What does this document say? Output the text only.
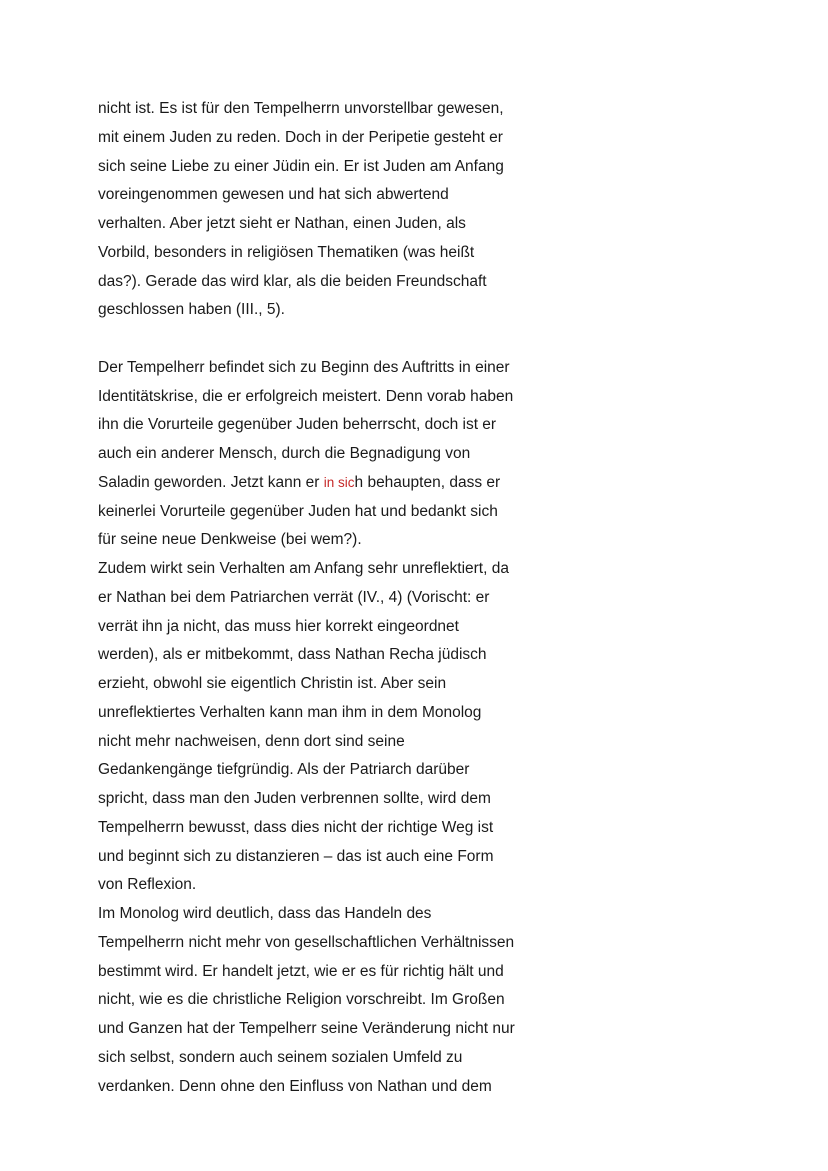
nicht ist. Es ist für den Tempelherrn unvorstellbar gewesen,
mit einem Juden zu reden. Doch in der Peripetie gesteht er
sich seine Liebe zu einer Jüdin ein. Er ist Juden am Anfang
voreingenommen gewesen und hat sich abwertend
verhalten. Aber jetzt sieht er Nathan, einen Juden, als
Vorbild, besonders in religiösen Thematiken (was heißt
das?). Gerade das wird klar, als die beiden Freundschaft
geschlossen haben (III., 5).
Der Tempelherr befindet sich zu Beginn des Auftritts in einer
Identitätskrise, die er erfolgreich meistert. Denn vorab haben
ihn die Vorurteile gegenüber Juden beherrscht, doch ist er
auch ein anderer Mensch, durch die Begnadigung von
Saladin geworden. Jetzt kann er in sich behaupten, dass er
keinerlei Vorurteile gegenüber Juden hat und bedankt sich
für seine neue Denkweise (bei wem?).
Zudem wirkt sein Verhalten am Anfang sehr unreflektiert, da
er Nathan bei dem Patriarchen verrät (IV., 4) (Vorischt: er
verrät ihn ja nicht, das muss hier korrekt eingeordnet
werden), als er mitbekommt, dass Nathan Recha jüdisch
erzieht, obwohl sie eigentlich Christin ist. Aber sein
unreflektiertes Verhalten kann man ihm in dem Monolog
nicht mehr nachweisen, denn dort sind seine
Gedankengänge tiefgründig. Als der Patriarch darüber
spricht, dass man den Juden verbrennen sollte, wird dem
Tempelherrn bewusst, dass dies nicht der richtige Weg ist
und beginnt sich zu distanzieren – das ist auch eine Form
von Reflexion.
Im Monolog wird deutlich, dass das Handeln des
Tempelherrn nicht mehr von gesellschaftlichen Verhältnissen
bestimmt wird. Er handelt jetzt, wie er es für richtig hält und
nicht, wie es die christliche Religion vorschreibt. Im Großen
und Ganzen hat der Tempelherr seine Veränderung nicht nur
sich selbst, sondern auch seinem sozialen Umfeld zu
verdanken. Denn ohne den Einfluss von Nathan und dem
